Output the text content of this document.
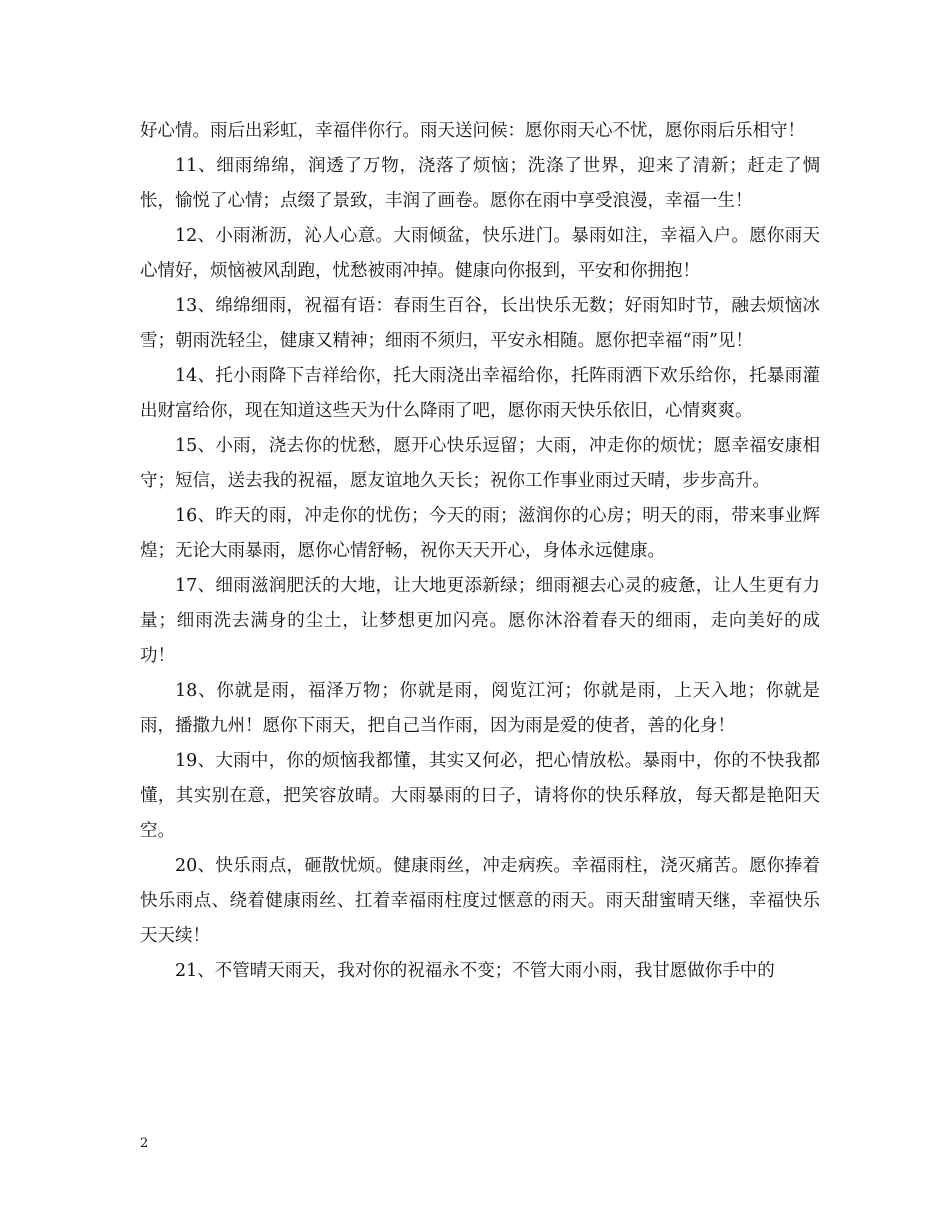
好心情。雨后出彩虹，幸福伴你行。雨天送问候：愿你雨天心不忧，愿你雨后乐相守！

11、细雨绵绵，润透了万物，浇落了烦恼；洗涤了世界，迎来了清新；赶走了惆怅，愉悦了心情；点缀了景致，丰润了画卷。愿你在雨中享受浪漫，幸福一生！

12、小雨淅沥，沁人心意。大雨倾盆，快乐进门。暴雨如注，幸福入户。愿你雨天心情好，烦恼被风刮跑，忧愁被雨冲掉。健康向你报到，平安和你拥抱！

13、绵绵细雨，祝福有语：春雨生百谷，长出快乐无数；好雨知时节，融去烦恼冰雪；朝雨洗轻尘，健康又精神；细雨不须归，平安永相随。愿你把幸福“雨”见！

14、托小雨降下吉祥给你，托大雨浇出幸福给你，托阵雨洒下欢乐给你，托暴雨灌出财富给你，现在知道这些天为什么降雨了吧，愿你雨天快乐依旧，心情爽爽。

15、小雨，浇去你的忧愁，愿开心快乐逗留；大雨，冲走你的烦忧；愿幸福安康相守；短信，送去我的祝福，愿友谊地久天长；祝你工作事业雨过天晴，步步高升。

16、昨天的雨，冲走你的忧伤；今天的雨；滋润你的心房；明天的雨，带来事业辉煌；无论大雨暴雨，愿你心情舒畅，祝你天天开心，身体永远健康。

17、细雨滋润肥沃的大地，让大地更添新绿；细雨褪去心灵的疲惫，让人生更有力量；细雨洗去满身的尘土，让梦想更加闪亮。愿你沐浴着春天的细雨，走向美好的成功！

18、你就是雨，福泽万物；你就是雨，阅览江河；你就是雨，上天入地；你就是雨，播撒九州！愿你下雨天，把自己当作雨，因为雨是爱的使者，善的化身！

19、大雨中，你的烦恼我都懂，其实又何必，把心情放松。暴雨中，你的不快我都懂，其实别在意，把笑容放晴。大雨暴雨的日子，请将你的快乐释放，每天都是艳阳天空。

20、快乐雨点，砸散忧烦。健康雨丝，冲走病疾。幸福雨柱，浇灭痛苦。愿你捧着快乐雨点、绕着健康雨丝、扛着幸福雨柱度过惬意的雨天。雨天甜蜜晴天继，幸福快乐天天续！

21、不管晴天雨天，我对你的祝福永不变；不管大雨小雨，我甘愿做你手中的

2
